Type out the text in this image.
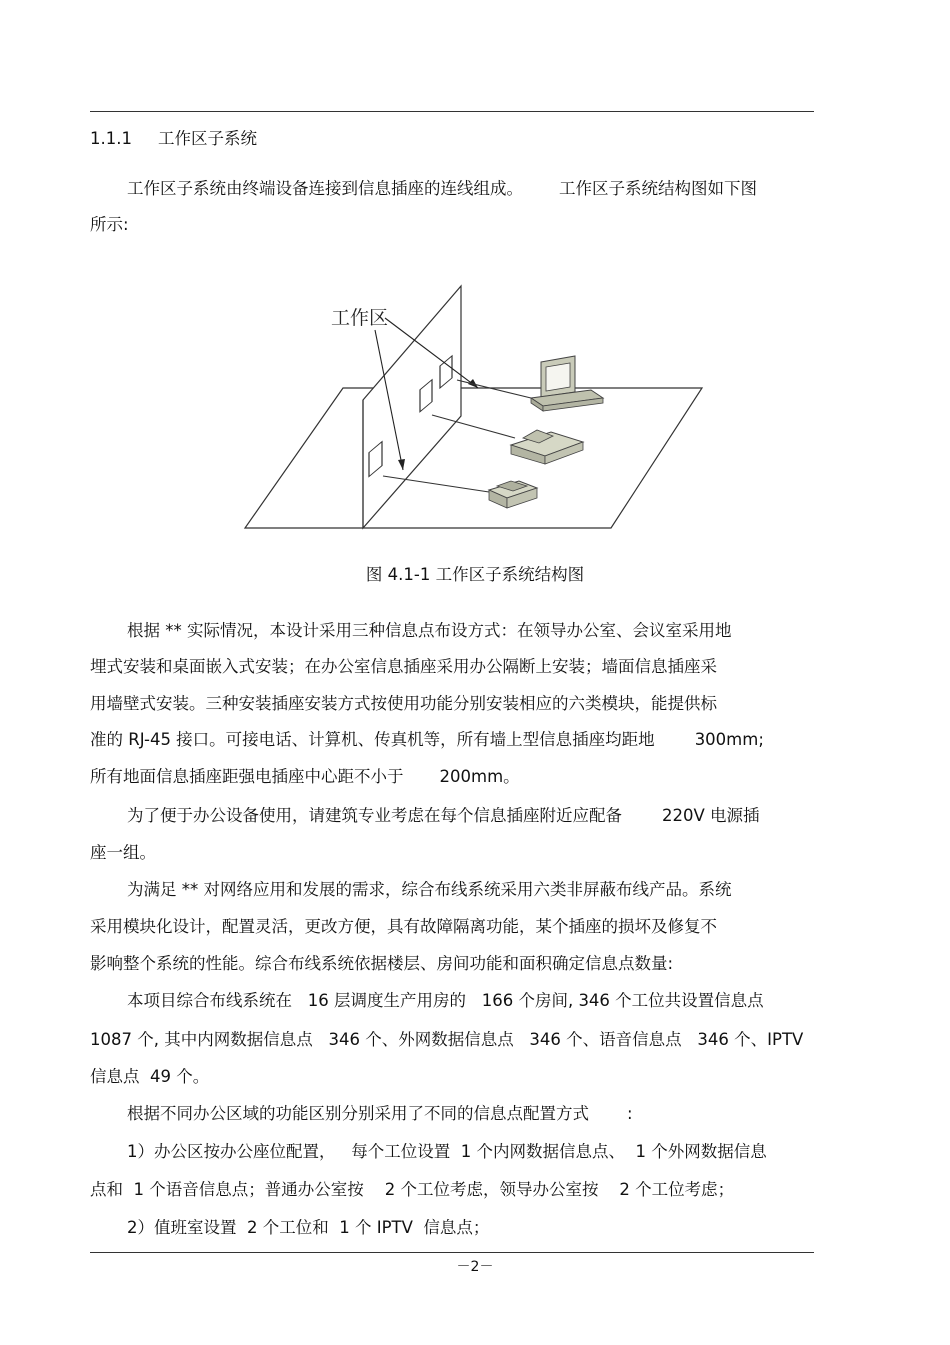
1.1.1 工作区子系统
工作区子系统由终端设备连接到信息插座的连线组成。 工作区子系统结构图如下图
所示:
工作区
图 4.1-1 工作区子系统结构图
根据 ** 实际情况，本设计采用三种信息点布设方式：在领导办公室、会议室采用地
埋式安装和桌面嵌入式安装；在办公室信息插座采用办公隔断上安装；墙面信息插座采
用墙壁式安装。三种安装插座安装方式按使用功能分别安装相应的六类模块，能提供标
准的 RJ-45 接口。可接电话、计算机、传真机等，所有墙上型信息插座均距地 300mm;
所有地面信息插座距强电插座中心距不小于 200mm。
为了便于办公设备使用，请建筑专业考虑在每个信息插座附近应配备 220V 电源插
座一组。
为满足 ** 对网络应用和发展的需求，综合布线系统采用六类非屏蔽布线产品。系统
采用模块化设计，配置灵活，更改方便，具有故障隔离功能，某个插座的损坏及修复不
影响整个系统的性能。综合布线系统依据楼层、房间功能和面积确定信息点数量:
本项目综合布线系统在   16 层调度生产用房的   166 个房间, 346 个工位共设置信息点
1087 个, 其中内网数据信息点   346 个、外网数据信息点   346 个、语音信息点   346 个、IPTV
信息点  49 个。
根据不同办公区域的功能区别分别采用了不同的信息点配置方式 :
1）办公区按办公座位配置，   每个工位设置  1 个内网数据信息点、  1 个外网数据信息
点和  1 个语音信息点；普通办公室按    2 个工位考虑，领导办公室按    2 个工位考虑；
2）值班室设置  2 个工位和  1 个 IPTV  信息点；
－2－
